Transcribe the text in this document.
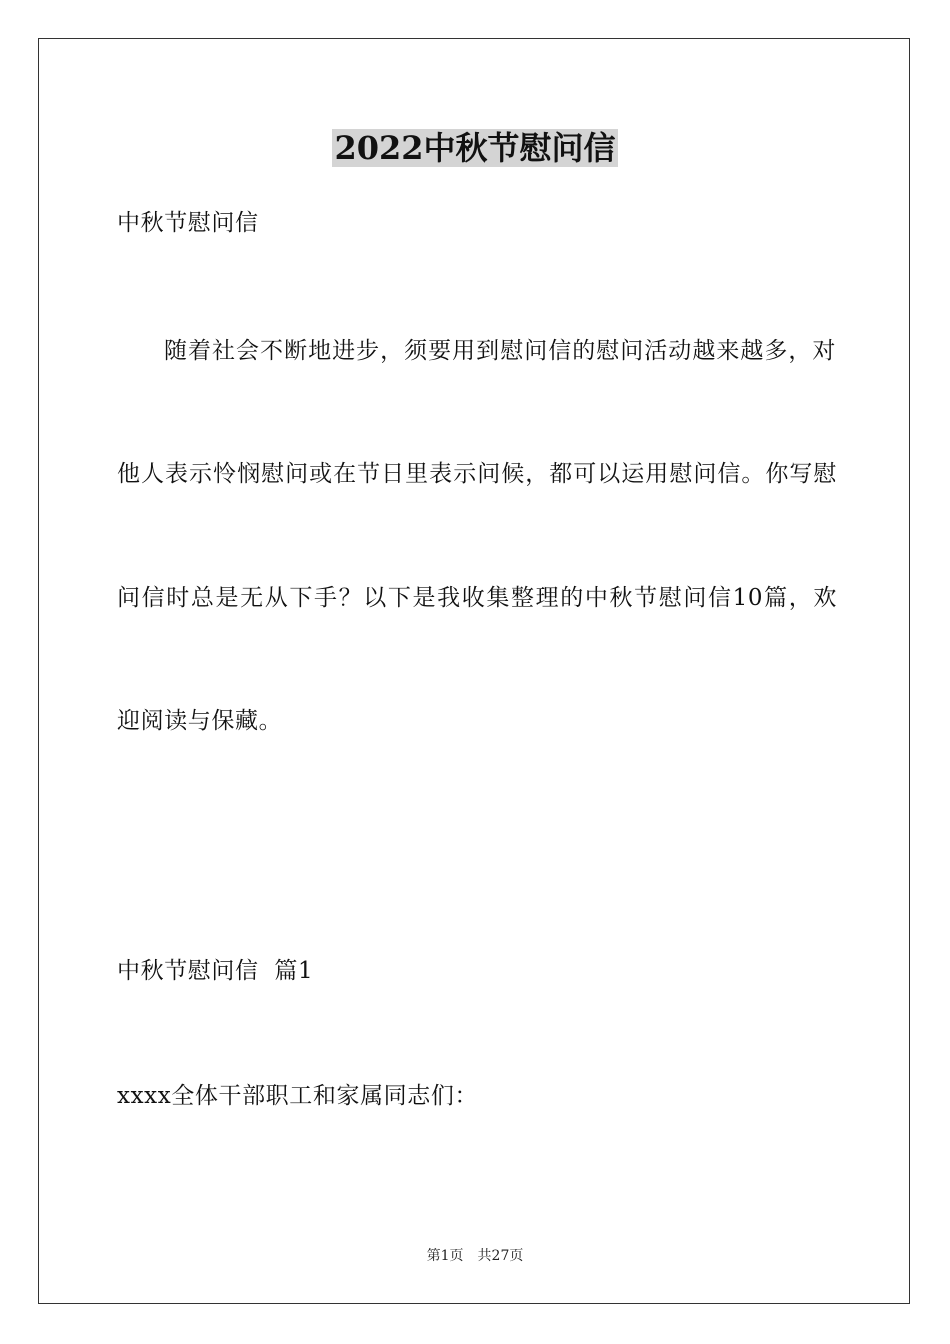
2022中秋节慰问信

中秋节慰问信

随着社会不断地进步，须要用到慰问信的慰问活动越来越多，对

他人表示怜悯慰问或在节日里表示问候，都可以运用慰问信。你写慰

问信时总是无从下手？以下是我收集整理的中秋节慰问信10篇，欢

迎阅读与保藏。

中秋节慰问信  篇1

xxxx全体干部职工和家属同志们：

第1页 共27页
